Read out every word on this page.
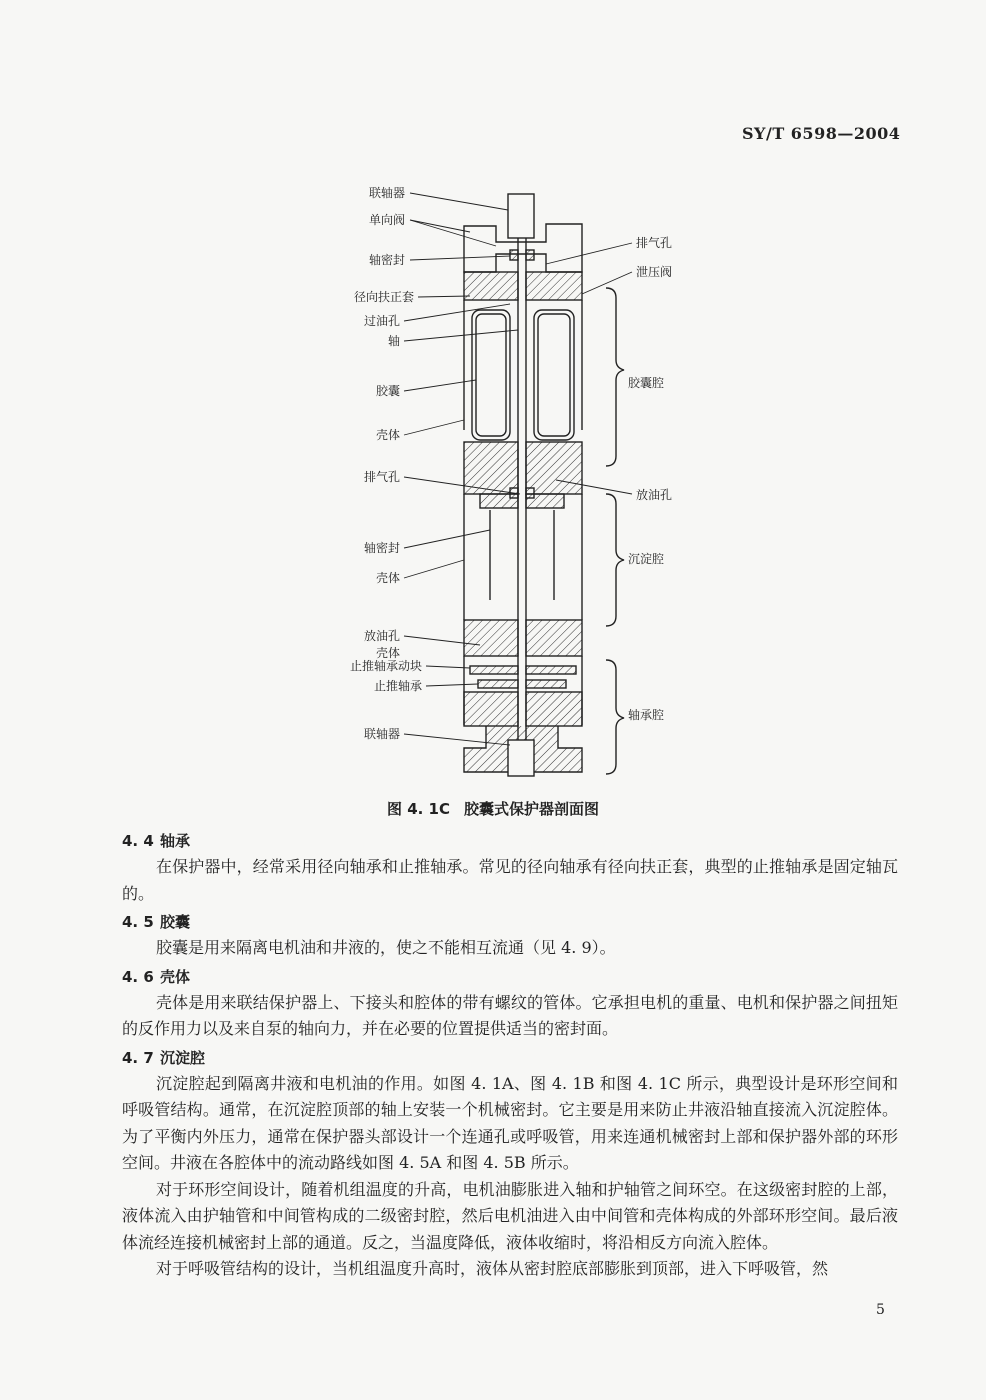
SY/T 6598—2004
联轴器
单向阀
轴密封
径向扶正套
过油孔
轴
胶囊
壳体
排气孔
轴密封
壳体
放油孔
壳体
止推轴承动块
止推轴承
联轴器
排气孔
泄压阀
胶囊腔
放油孔
沉淀腔
轴承腔
图 4. 1C 胶囊式保护器剖面图
4. 4 轴承

在保护器中，经常采用径向轴承和止推轴承。常见的径向轴承有径向扶正套，典型的止推轴承是固定轴瓦的。

4. 5 胶囊

胶囊是用来隔离电机油和井液的，使之不能相互流通（见 4. 9）。

4. 6 壳体

壳体是用来联结保护器上、下接头和腔体的带有螺纹的管体。它承担电机的重量、电机和保护器之间扭矩的反作用力以及来自泵的轴向力，并在必要的位置提供适当的密封面。

4. 7 沉淀腔

沉淀腔起到隔离井液和电机油的作用。如图 4. 1A、图 4. 1B 和图 4. 1C 所示，典型设计是环形空间和呼吸管结构。通常，在沉淀腔顶部的轴上安装一个机械密封。它主要是用来防止井液沿轴直接流入沉淀腔体。为了平衡内外压力，通常在保护器头部设计一个连通孔或呼吸管，用来连通机械密封上部和保护器外部的环形空间。井液在各腔体中的流动路线如图 4. 5A 和图 4. 5B 所示。

对于环形空间设计，随着机组温度的升高，电机油膨胀进入轴和护轴管之间环空。在这级密封腔的上部，液体流入由护轴管和中间管构成的二级密封腔，然后电机油进入由中间管和壳体构成的外部环形空间。最后液体流经连接机械密封上部的通道。反之，当温度降低，液体收缩时，将沿相反方向流入腔体。

对于呼吸管结构的设计，当机组温度升高时，液体从密封腔底部膨胀到顶部，进入下呼吸管，然

5
